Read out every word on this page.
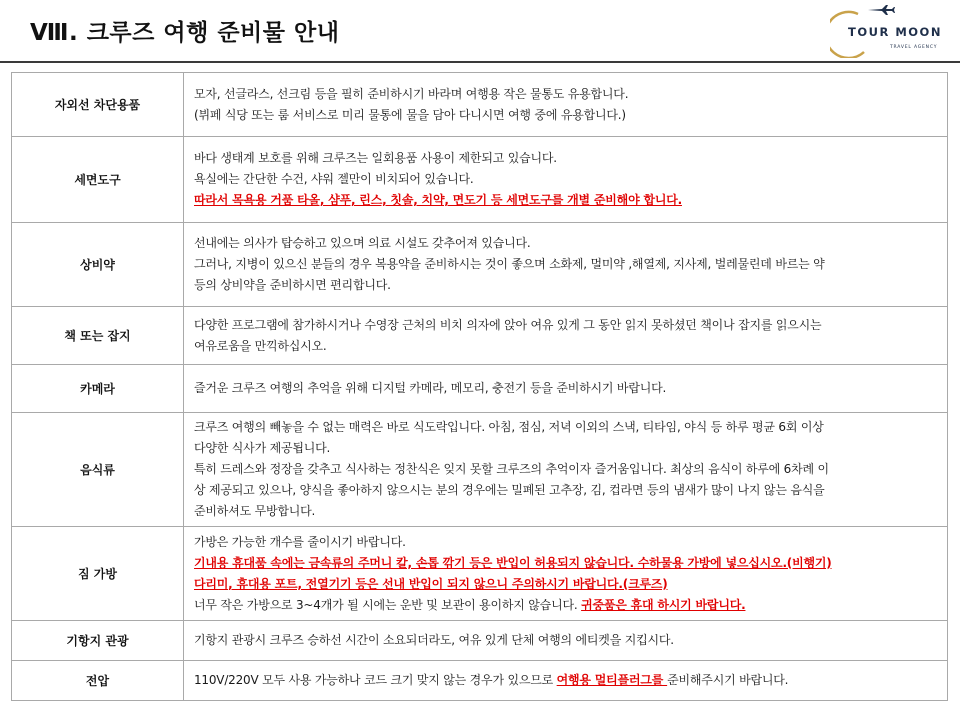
Ⅷ. 크루즈 여행 준비물 안내	TOUR MOON
TRAVEL AGENCY
자외선 차단용품	모자, 선글라스, 선크림 등을 필히 준비하시기 바라며 여행용 작은 물통도 유용합니다.
(뷔페 식당 또는 룸 서비스로 미리 물통에 물을 담아 다니시면 여행 중에 유용합니다.)

세면도구	바다 생태계 보호를 위해 크루즈는 일회용품 사용이 제한되고 있습니다.
욕실에는 간단한 수건, 샤워 젤만이 비치되어 있습니다.
따라서 목욕용 거품 타올, 샴푸, 린스, 칫솔, 치약, 면도기 등 세면도구를 개별 준비해야 합니다.

상비약	선내에는 의사가 탑승하고 있으며 의료 시설도 갖추어져 있습니다.
그러나, 지병이 있으신 분들의 경우 복용약을 준비하시는 것이 좋으며 소화제, 멀미약 ,해열제, 지사제, 벌레물린데 바르는 약
등의 상비약을 준비하시면 편리합니다.

책 또는 잡지	다양한 프로그램에 참가하시거나 수영장 근처의 비치 의자에 앉아 여유 있게 그 동안 읽지 못하셨던 책이나 잡지를 읽으시는
여유로움을 만끽하십시오.

카메라	즐거운 크루즈 여행의 추억을 위해 디지털 카메라, 메모리, 충전기 등을 준비하시기 바랍니다.

음식류	크루즈 여행의 빼놓을 수 없는 매력은 바로 식도락입니다. 아침, 점심, 저녁 이외의 스낵, 티타임, 야식 등 하루 평균 6회 이상
다양한 식사가 제공됩니다.
특히 드레스와 정장을 갖추고 식사하는 정찬식은 잊지 못할 크루즈의 추억이자 즐거움입니다. 최상의 음식이 하루에 6차례 이
상 제공되고 있으나, 양식을 좋아하지 않으시는 분의 경우에는 밀폐된 고추장, 김, 컵라면 등의 냄새가 많이 나지 않는 음식을
준비하셔도 무방합니다.

짐 가방	가방은 가능한 개수를 줄이시기 바랍니다.
기내용 휴대품 속에는 금속류의 주머니 칼, 손톱 깎기 등은 반입이 허용되지 않습니다. 수하물용 가방에 넣으십시오.(비행기)
다리미, 휴대용 포트, 전열기기 등은 선내 반입이 되지 않으니 주의하시기 바랍니다.(크루즈)
너무 작은 가방으로 3~4개가 될 시에는 운반 및 보관이 용이하지 않습니다. 귀중품은 휴대 하시기 바랍니다.

기항지 관광	기항지 관광시 크루즈 승하선 시간이 소요되더라도, 여유 있게 단체 여행의 에티켓을 지킵시다.

전압	110V/220V 모두 사용 가능하나 코드 크기 맞지 않는 경우가 있으므로 여행용 멀티플러그를 준비해주시기 바랍니다.
